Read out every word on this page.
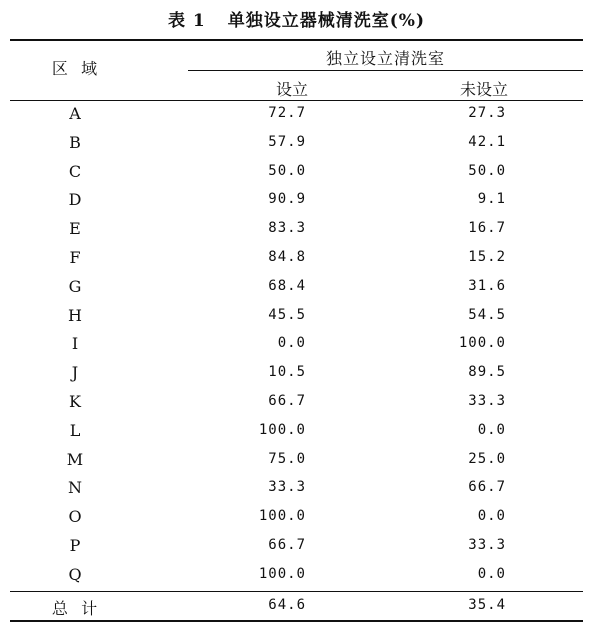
表 1 单独设立器械清洗室(%)
区  域
独立设立清洗室
设立	未设立
A	72.7	27.3
B	57.9	42.1
C	50.0	50.0
D	90.9	9.1
E	83.3	16.7
F	84.8	15.2
G	68.4	31.6
H	45.5	54.5
I	0.0	100.0
J	10.5	89.5
K	66.7	33.3
L	100.0	0.0
M	75.0	25.0
N	33.3	66.7
O	100.0	0.0
P	66.7	33.3
Q	100.0	0.0
总  计	64.6	35.4
